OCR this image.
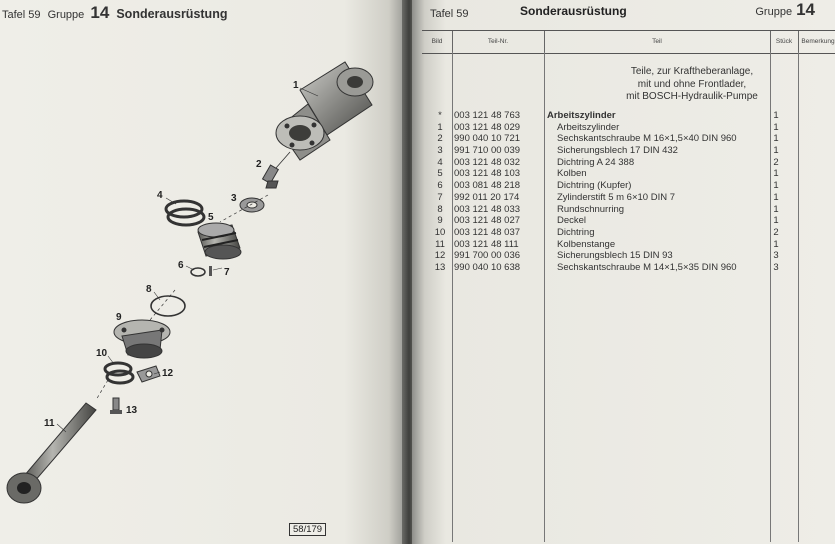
Tafel 59 Gruppe 14 Sonderausrüstung
1
2
3
4
5
6
7
8
9
10
11
12
13
58/179
Tafel 59	Sonderausrüstung	Gruppe 14
Bild	Teil-Nr.	Teil	Stück	Bemerkung
Teile, zur Kraftheberanlage,
mit und ohne Frontlader,
mit BOSCH-Hydraulik-Pumpe
*	003 121 48 763	Arbeitszylinder	1
1	003 121 48 029	Arbeitszylinder	1
2	990 040 10 721	Sechskantschraube M 16×1,5×40 DIN 960	1
3	991 710 00 039	Sicherungsblech 17 DIN 432	1
4	003 121 48 032	Dichtring A 24 388	2
5	003 121 48 103	Kolben	1
6	003 081 48 218	Dichtring (Kupfer)	1
7	992 011 20 174	Zylinderstift 5 m 6×10 DIN 7	1
8	003 121 48 033	Rundschnurring	1
9	003 121 48 027	Deckel	1
10 003 121 48 037	Dichtring	2
11 003 121 48 111	Kolbenstange	1
12 991 700 00 036	Sicherungsblech 15 DIN 93	3
13 990 040 10 638	Sechskantschraube M 14×1,5×35 DIN 960	3
